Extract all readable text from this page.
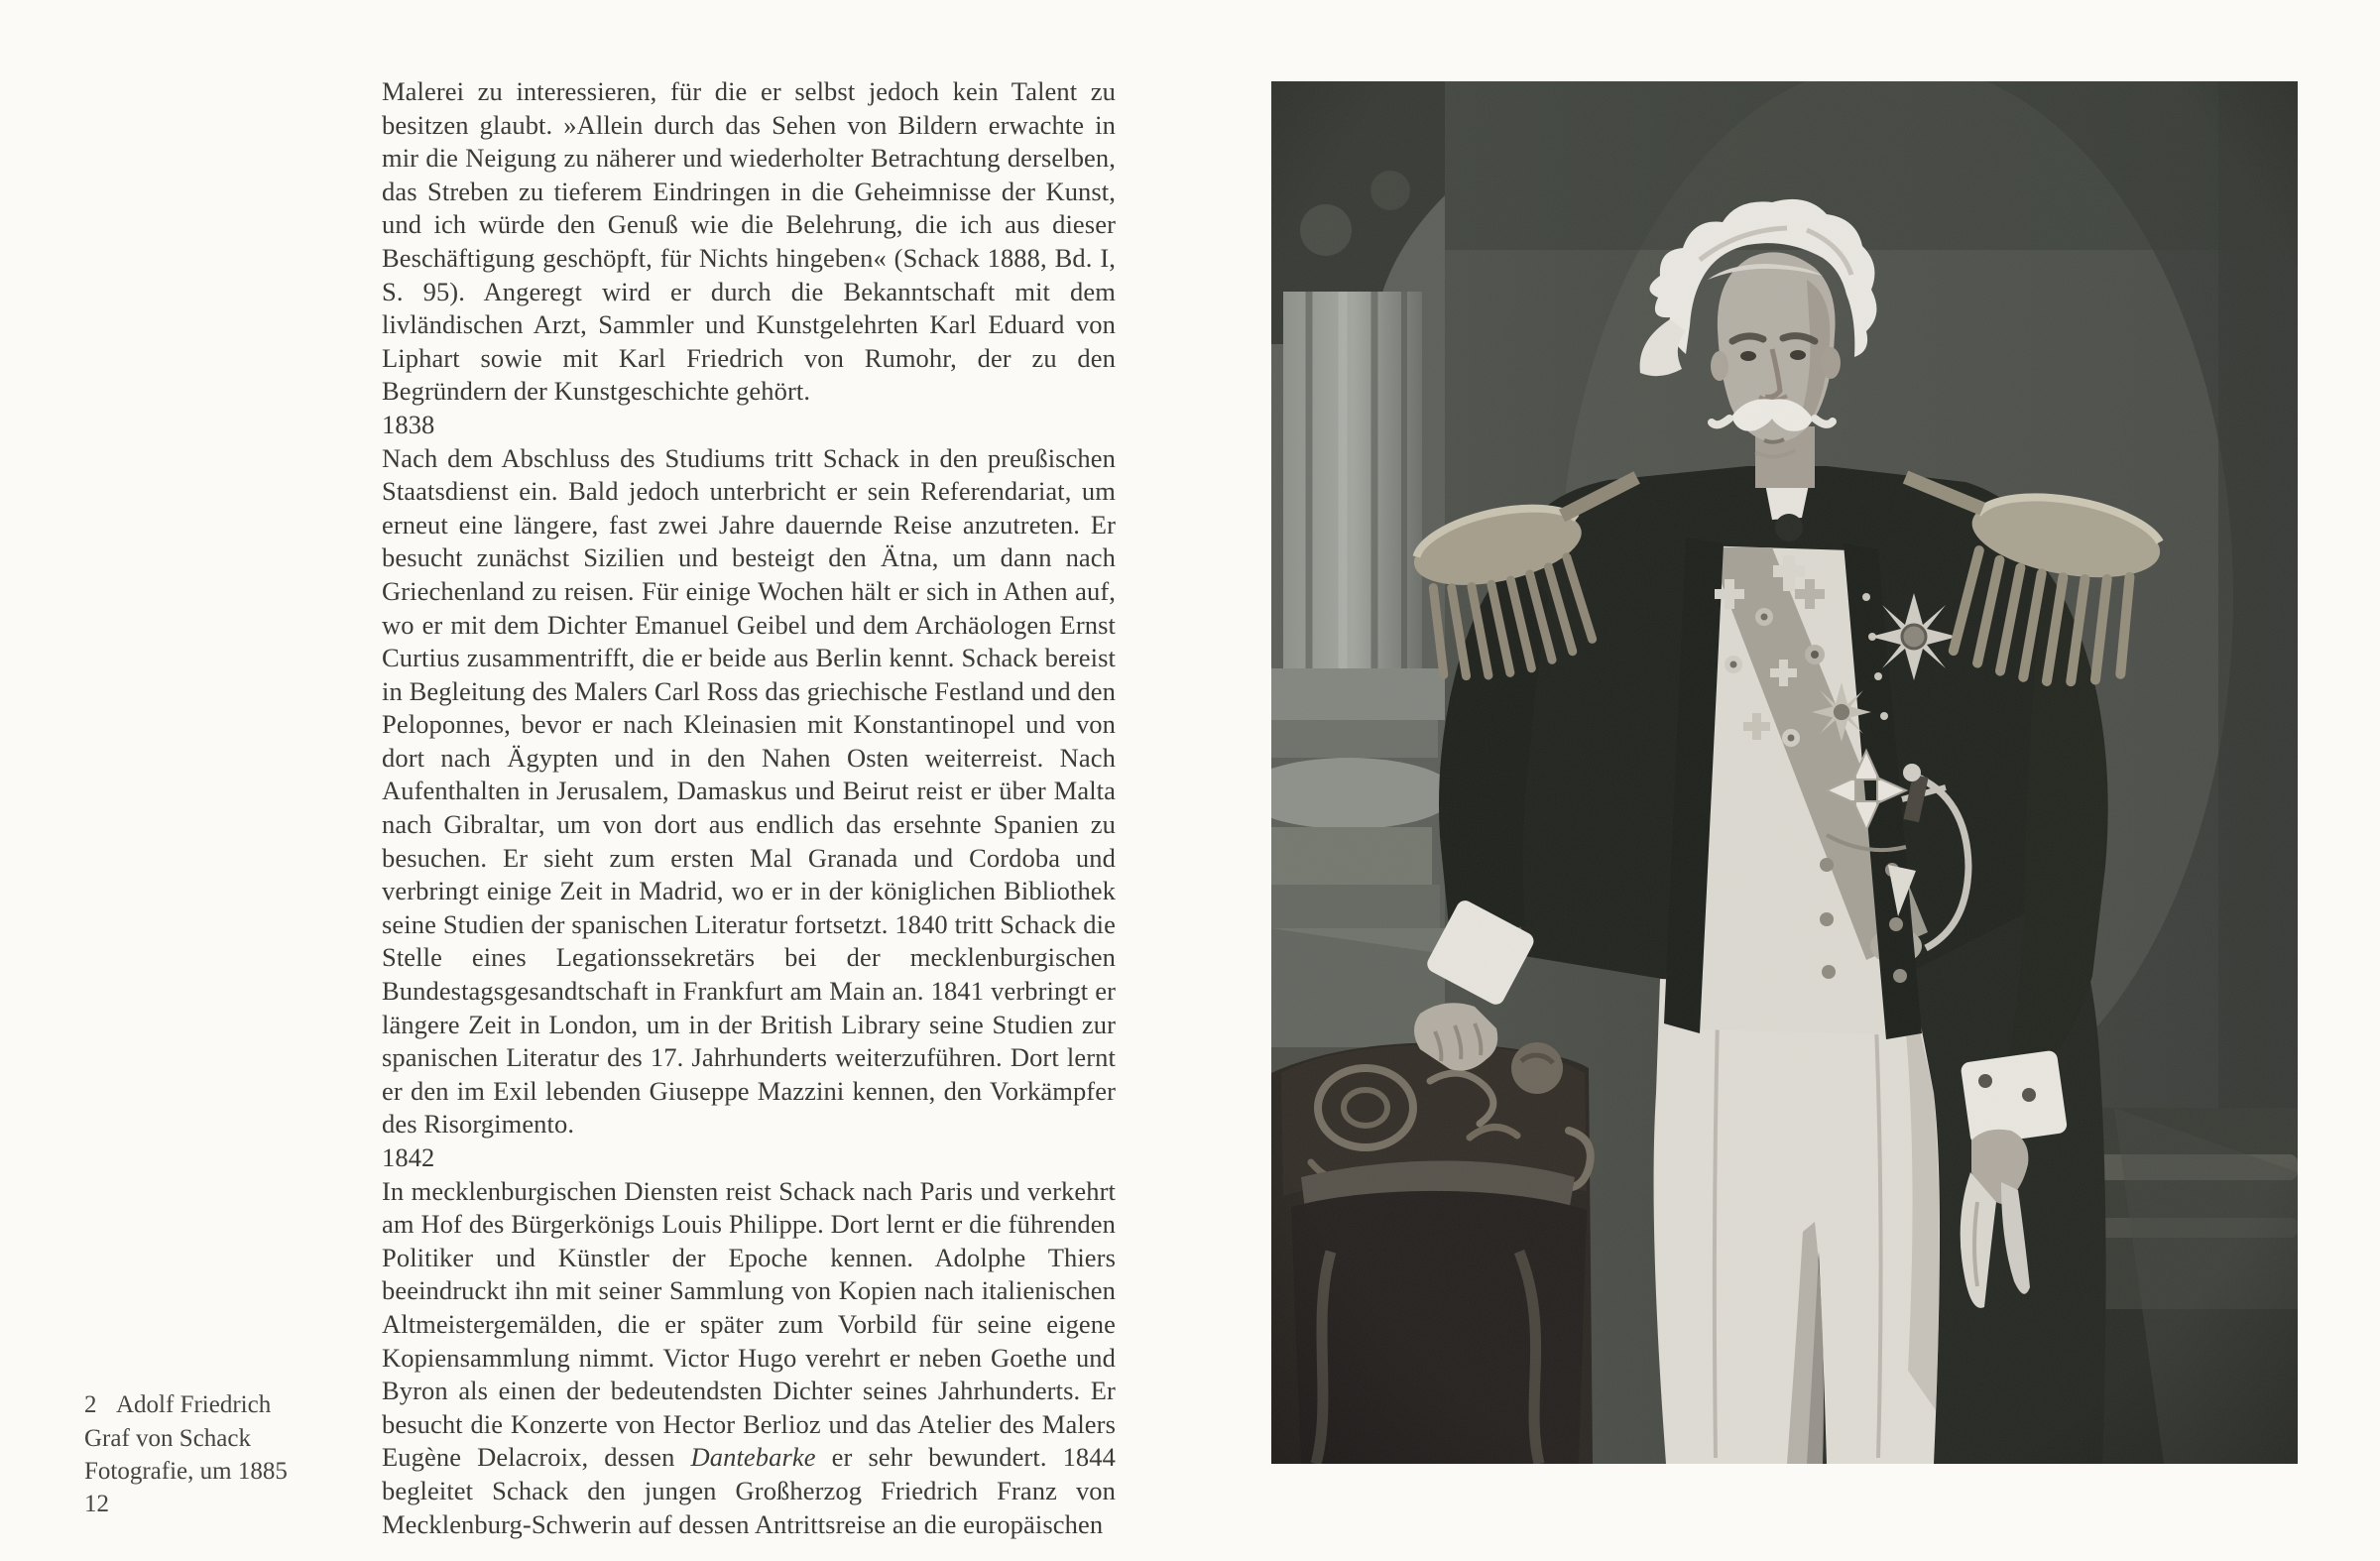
2 Adolf Friedrich
Graf von Schack
Fotografie, um 1885
12

Malerei zu interessieren, für die er selbst jedoch kein Talent zu besitzen glaubt. »Allein durch das Sehen von Bildern erwachte in mir die Neigung zu näherer und wiederholter Betrachtung derselben, das Streben zu tieferem Eindringen in die Geheimnisse der Kunst, und ich würde den Genuß wie die Belehrung, die ich aus dieser Beschäftigung geschöpft, für Nichts hingeben« (Schack 1888, Bd. I, S. 95). Angeregt wird er durch die Bekanntschaft mit dem livländischen Arzt, Sammler und Kunstgelehrten Karl Eduard von Liphart sowie mit Karl Friedrich von Rumohr, der zu den Begründern der Kunstgeschichte gehört.

1838

Nach dem Abschluss des Studiums tritt Schack in den preußischen Staatsdienst ein. Bald jedoch unterbricht er sein Referendariat, um erneut eine längere, fast zwei Jahre dauernde Reise anzutreten. Er besucht zunächst Sizilien und besteigt den Ätna, um dann nach Griechenland zu reisen. Für einige Wochen hält er sich in Athen auf, wo er mit dem Dichter Emanuel Geibel und dem Archäologen Ernst Curtius zusammentrifft, die er beide aus Berlin kennt. Schack bereist in Begleitung des Malers Carl Ross das griechische Festland und den Peloponnes, bevor er nach Kleinasien mit Konstantinopel und von dort nach Ägypten und in den Nahen Osten weiterreist. Nach Aufenthalten in Jerusalem, Damaskus und Beirut reist er über Malta nach Gibraltar, um von dort aus endlich das ersehnte Spanien zu besuchen. Er sieht zum ersten Mal Granada und Cordoba und verbringt einige Zeit in Madrid, wo er in der königlichen Bibliothek seine Studien der spanischen Literatur fortsetzt. 1840 tritt Schack die Stelle eines Legationssekretärs bei der mecklenburgischen Bundestagsgesandtschaft in Frankfurt am Main an. 1841 verbringt er längere Zeit in London, um in der British Library seine Studien zur spanischen Literatur des 17. Jahrhunderts weiterzuführen. Dort lernt er den im Exil lebenden Giuseppe Mazzini kennen, den Vorkämpfer des Risorgimento.

1842

In mecklenburgischen Diensten reist Schack nach Paris und verkehrt am Hof des Bürgerkönigs Louis Philippe. Dort lernt er die führenden Politiker und Künstler der Epoche kennen. Adolphe Thiers beeindruckt ihn mit seiner Sammlung von Kopien nach italienischen Altmeistergemälden, die er später zum Vorbild für seine eigene Kopiensammlung nimmt. Victor Hugo verehrt er neben Goethe und Byron als einen der bedeutendsten Dichter seines Jahrhunderts. Er besucht die Konzerte von Hector Berlioz und das Atelier des Malers Eugène Delacroix, dessen Dantebarke er sehr bewundert. 1844 begleitet Schack den jungen Großherzog Friedrich Franz von Mecklenburg-Schwerin auf dessen Antrittsreise an die europäischen
